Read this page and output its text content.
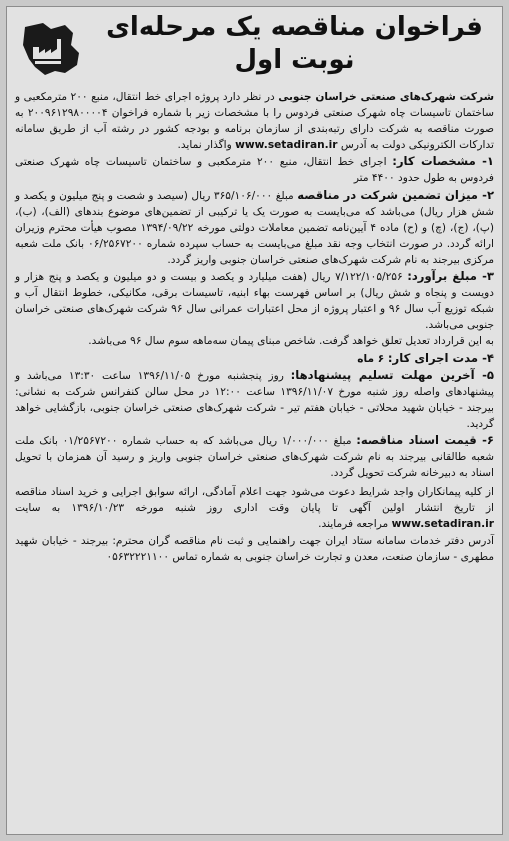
فراخوان مناقصه یک مرحله‌ای
نوبت اول

شرکت شهرک‌های صنعتی خراسان جنوبی در نظر دارد پروژه اجرای خط انتقال، منبع ۲۰۰ مترمکعبی و ساختمان تاسیسات چاه شهرک صنعتی فردوس را با مشخصات زیر با شماره فراخوان ۲۰۰۹۶۱۲۹۸۰۰۰۰۴ به صورت مناقصه به شرکت دارای رتبه‌بندی از سازمان برنامه و بودجه کشور در رشته آب از طریق سامانه تدارکات الکترونیکی دولت به آدرس www.setadiran.ir واگذار نماید.

۱- مشخصات کار: اجرای خط انتقال، منبع ۲۰۰ مترمکعبی و ساختمان تاسیسات چاه شهرک صنعتی فردوس به طول حدود ۴۴۰۰ متر

۲- میزان تضمین شرکت در مناقصه مبلغ ۳۶۵/۱۰۶/۰۰۰ ریال (سیصد و شصت و پنج میلیون و یکصد و شش هزار ریال) می‌باشد که می‌بایست به صورت یک یا ترکیبی از تضمین‌های موضوع بندهای (الف)، (ب)، (پ)، (ج)، (چ) و (ح) ماده ۴ آیین‌نامه تضمین معاملات دولتی مورخه ۱۳۹۴/۰۹/۲۲ مصوب هیأت محترم وزیران ارائه گردد. در صورت انتخاب وجه نقد مبلغ می‌بایست به حساب سپرده شماره ۰۶/۲۵۶۷۲۰۰ بانک ملت شعبه مرکزی بیرجند به نام شرکت شهرک‌های صنعتی خراسان جنوبی واریز گردد.

۳- مبلغ برآورد: ۷/۱۲۲/۱۰۵/۲۵۶ ریال (هفت میلیارد و یکصد و بیست و دو میلیون و یکصد و پنج هزار و دویست و پنجاه و شش ریال) بر اساس فهرست بهاء ابنیه، تاسیسات برقی، مکانیکی، خطوط انتقال آب و شبکه توزیع آب سال ۹۶ و اعتبار پروژه از محل اعتبارات عمرانی سال ۹۶ شرکت شهرک‌های صنعتی خراسان جنوبی می‌باشد.

به این قرارداد تعدیل تعلق خواهد گرفت. شاخص مبنای پیمان سه‌ماهه سوم سال ۹۶ می‌باشد.

۴- مدت اجرای کار: ۶ ماه

۵- آخرین مهلت تسلیم پیشنهادها: روز پنجشنبه مورخ ۱۳۹۶/۱۱/۰۵ ساعت ۱۳:۳۰ می‌باشد و پیشنهادهای واصله روز شنبه مورخ ۱۳۹۶/۱۱/۰۷ ساعت ۱۲:۰۰ در محل سالن کنفرانس شرکت به نشانی: بیرجند - خیابان شهید محلاتی - خیابان هفتم تیر - شرکت شهرک‌های صنعتی خراسان جنوبی، بازگشایی خواهد گردید.

۶- قیمت اسناد مناقصه: مبلغ ۱/۰۰۰/۰۰۰ ریال می‌باشد که به حساب شماره ۰۱/۲۵۶۷۲۰۰ بانک ملت شعبه طالقانی بیرجند به نام شرکت شهرک‌های صنعتی خراسان جنوبی واریز و رسید آن همزمان با تحویل اسناد به دبیرخانه شرکت تحویل گردد.

از کلیه پیمانکاران واجد شرایط دعوت می‌شود جهت اعلام آمادگی، ارائه سوابق اجرایی و خرید اسناد مناقصه از تاریخ انتشار اولین آگهی تا پایان وقت اداری روز شنبه مورخه ۱۳۹۶/۱۰/۲۳ به سایت www.setadiran.ir مراجعه فرمایند.

آدرس دفتر خدمات سامانه ستاد ایران جهت راهنمایی و ثبت نام مناقصه گران محترم: بیرجند - خیابان شهید مطهری - سازمان صنعت، معدن و تجارت خراسان جنوبی به شماره تماس ۰۵۶۳۲۲۲۱۱۰۰
